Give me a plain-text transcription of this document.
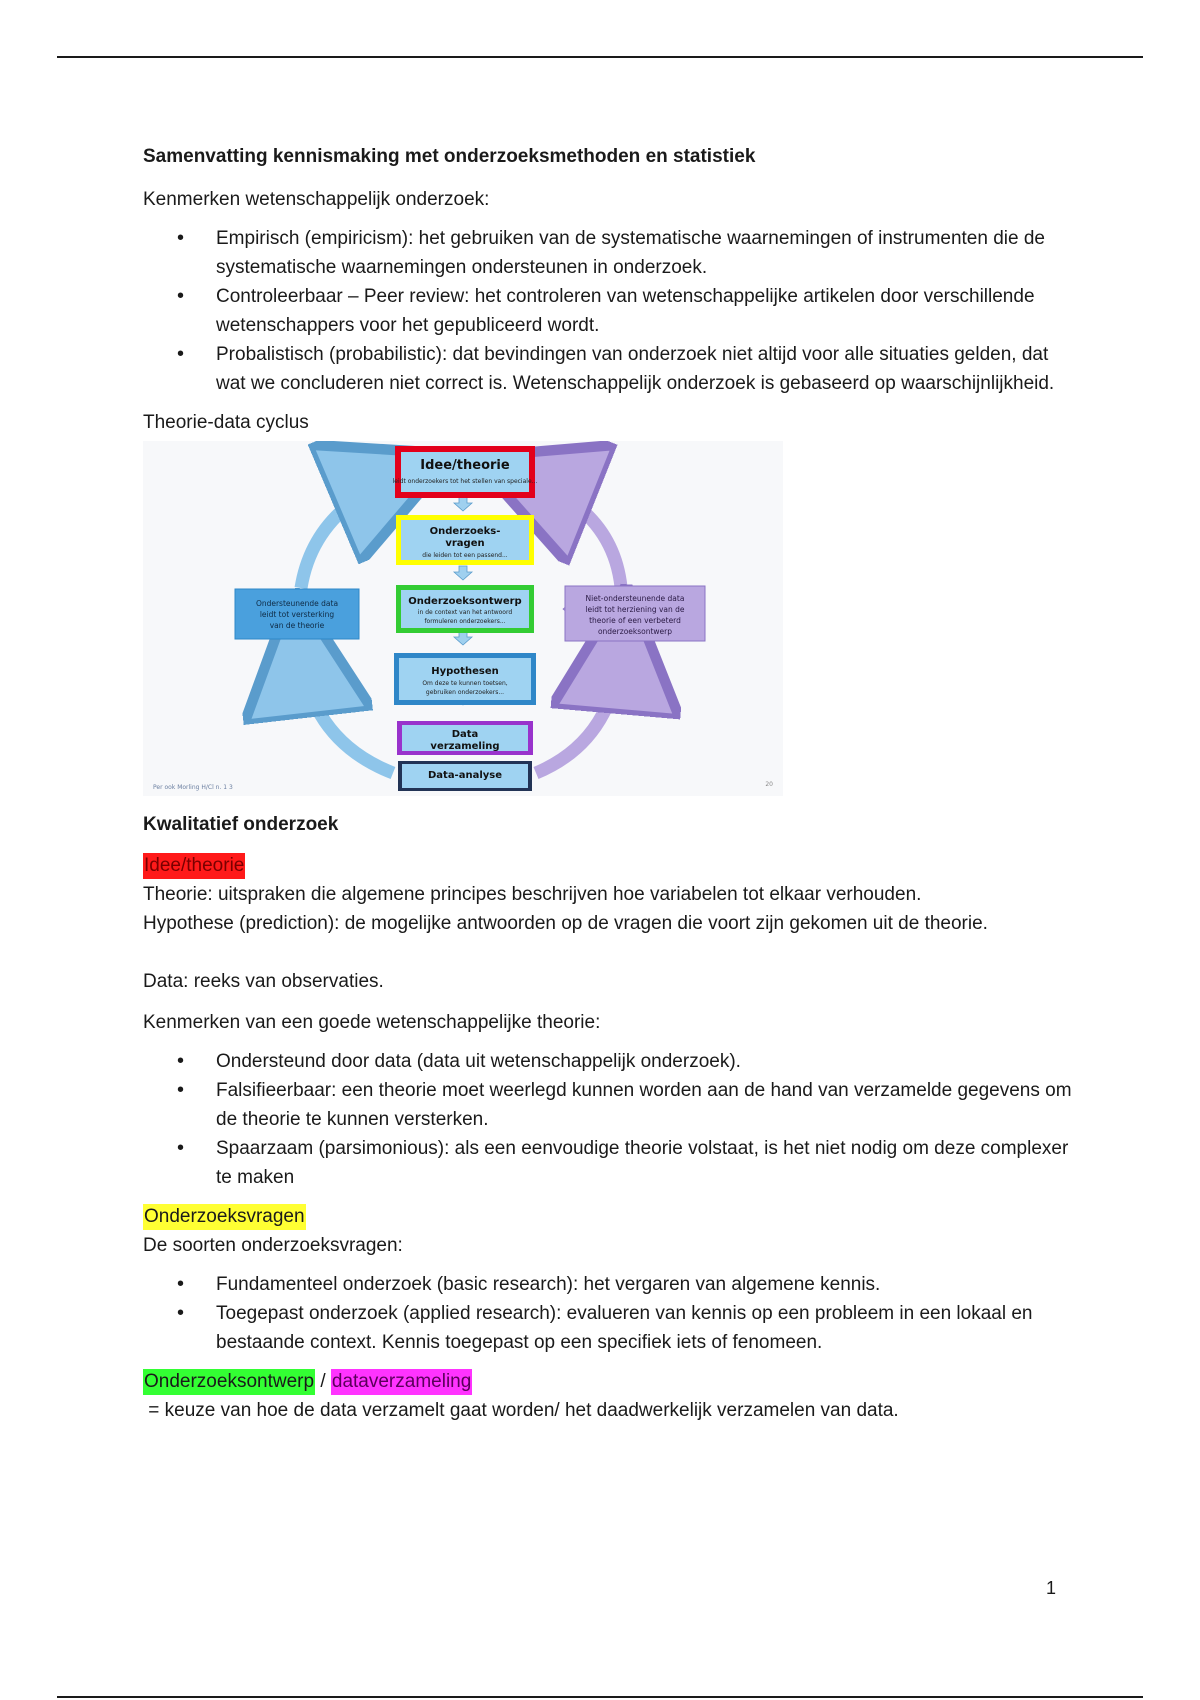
Samenvatting kennismaking met onderzoeksmethoden en statistiek

Kenmerken wetenschappelijk onderzoek:

• Empirisch (empiricism): het gebruiken van de systematische waarnemingen of instrumenten die de systematische waarnemingen ondersteunen in onderzoek.
• Controleerbaar – Peer review: het controleren van wetenschappelijke artikelen door verschillende wetenschappers voor het gepubliceerd wordt.
• Probalistisch (probabilistic): dat bevindingen van onderzoek niet altijd voor alle situaties gelden, dat wat we concluderen niet correct is. Wetenschappelijk onderzoek is gebaseerd op waarschijnlijkheid.

Theorie-data cyclus

Idee/theorie
leidt onderzoekers tot het stellen van speciale...
Onderzoeks-
vragen
die leiden tot een passend...
Onderzoeksontwerp
in de context van het antwoord
formuleren onderzoekers...
Hypothesen
Om deze te kunnen toetsen,
gebruiken onderzoekers...
Data
verzameling
Data-analyse
Ondersteunende data
leidt tot versterking
van de theorie
Niet-ondersteunende data
leidt tot herziening van de
theorie of een verbeterd
onderzoeksontwerp
Per ook Morling H/Cl n. 1 3	20

Kwalitatief onderzoek

Idee/theorie

Theorie: uitspraken die algemene principes beschrijven hoe variabelen tot elkaar verhouden.

Hypothese (prediction): de mogelijke antwoorden op de vragen die voort zijn gekomen uit de theorie.

Data: reeks van observaties.

Kenmerken van een goede wetenschappelijke theorie:

• Ondersteund door data (data uit wetenschappelijk onderzoek).
• Falsifieerbaar: een theorie moet weerlegd kunnen worden aan de hand van verzamelde gegevens om de theorie te kunnen versterken.
• Spaarzaam (parsimonious): als een eenvoudige theorie volstaat, is het niet nodig om deze complexer te maken

Onderzoeksvragen

De soorten onderzoeksvragen:

• Fundamenteel onderzoek (basic research): het vergaren van algemene kennis.
• Toegepast onderzoek (applied research): evalueren van kennis op een probleem in een lokaal en bestaande context. Kennis toegepast op een specifiek iets of fenomeen.

Onderzoeksontwerp / dataverzameling

= keuze van hoe de data verzamelt gaat worden/ het daadwerkelijk verzamelen van data.

1
